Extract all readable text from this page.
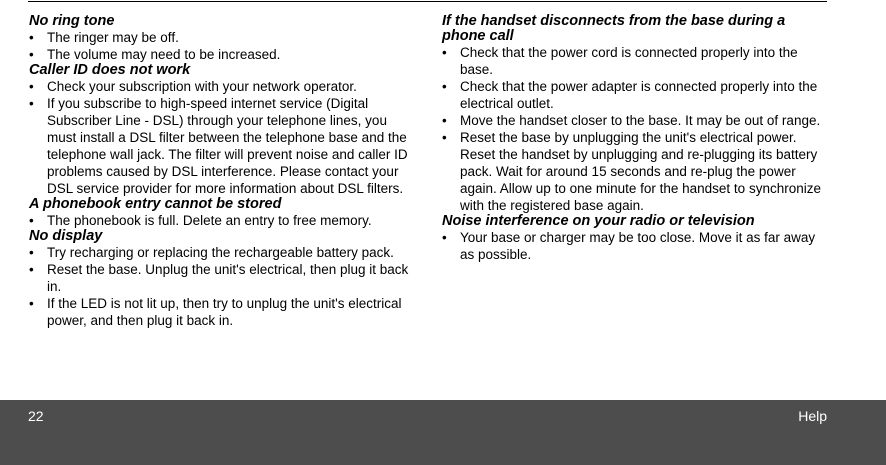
No ring tone
• The ringer may be off.
• The volume may need to be increased.
Caller ID does not work
• Check your subscription with your network operator.
• If you subscribe to high-speed internet service (Digital Subscriber Line - DSL) through your telephone lines, you must install a DSL filter between the telephone base and the telephone wall jack. The filter will prevent noise and caller ID problems caused by DSL interference. Please contact your DSL service provider for more information about DSL filters.
A phonebook entry cannot be stored
• The phonebook is full. Delete an entry to free memory.
No display
• Try recharging or replacing the rechargeable battery pack.
• Reset the base. Unplug the unit's electrical, then plug it back in.
• If the LED is not lit up, then try to unplug the unit's electrical power, and then plug it back in.
If the handset disconnects from the base during a phone call
• Check that the power cord is connected properly into the base.
• Check that the power adapter is connected properly into the electrical outlet.
• Move the handset closer to the base. It may be out of range.
• Reset the base by unplugging the unit's electrical power. Reset the handset by unplugging and re-plugging its battery pack. Wait for around 15 seconds and re-plug the power again. Allow up to one minute for the handset to synchronize with the registered base again.
Noise interference on your radio or television
• Your base or charger may be too close. Move it as far away as possible.
22	Help
